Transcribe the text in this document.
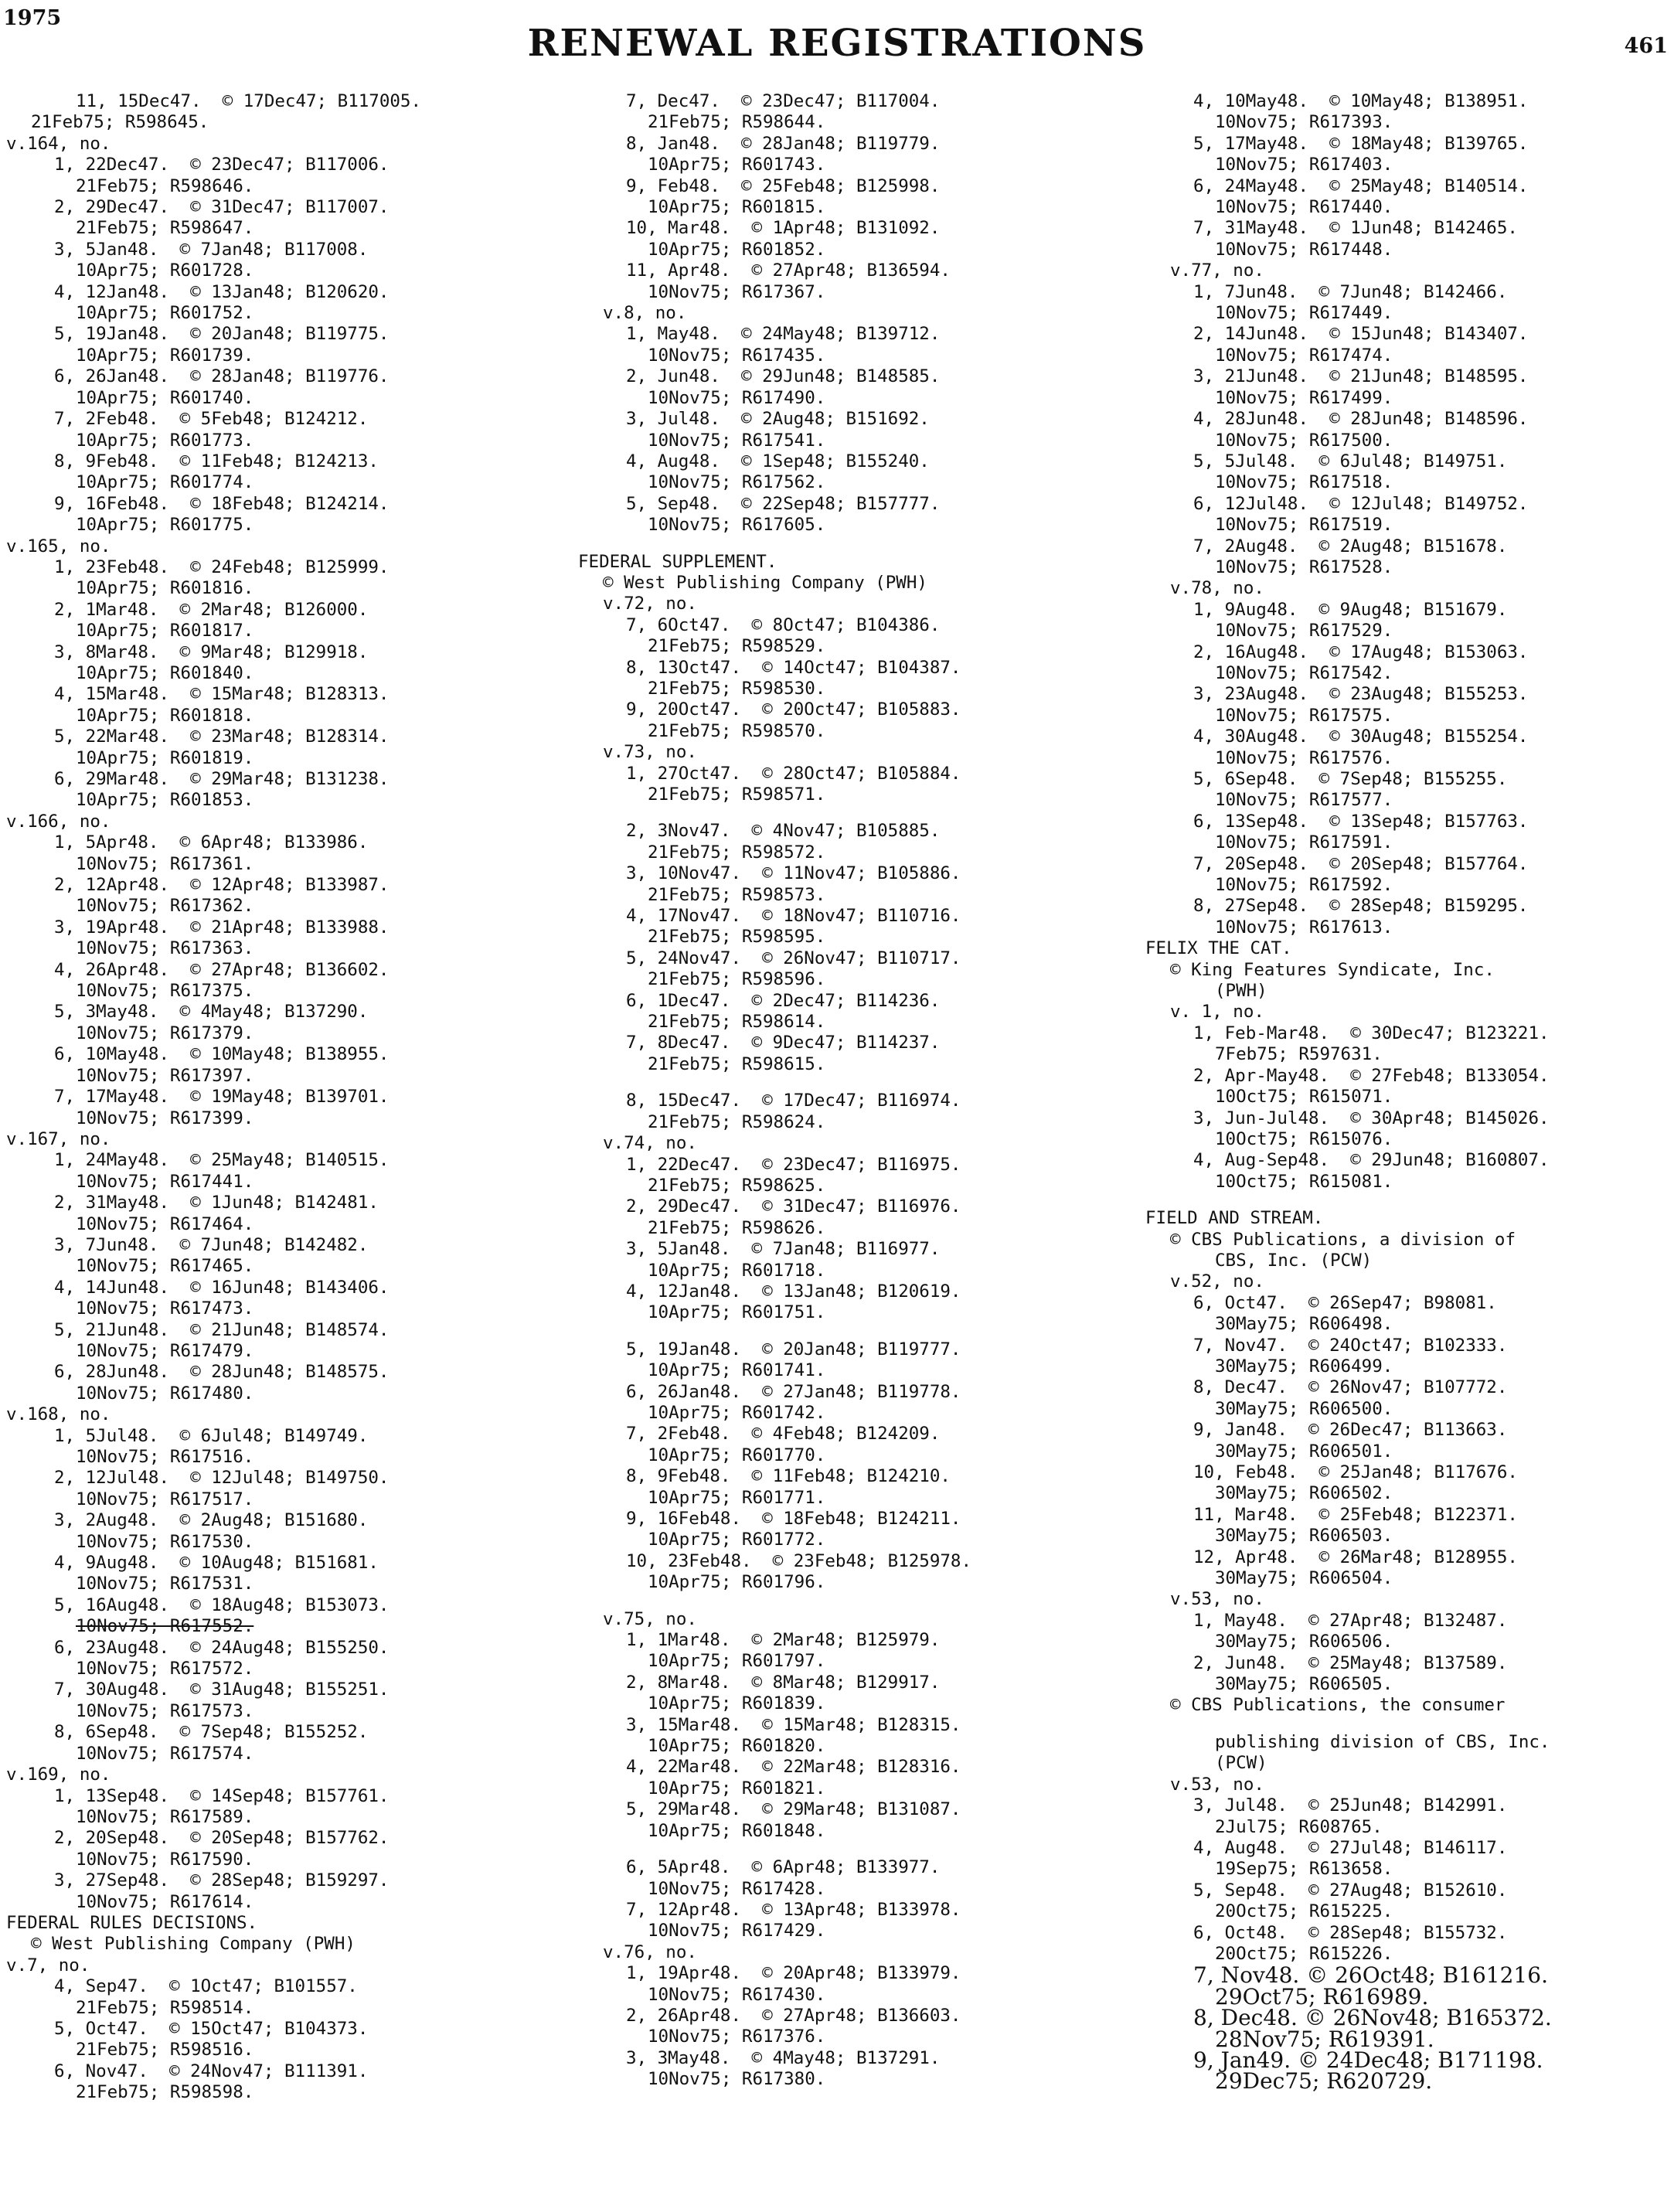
1975
RENEWAL REGISTRATIONS	461
11, 15Dec47.  © 17Dec47; B117005.
21Feb75; R598645.
v.164, no.
1, 22Dec47.  © 23Dec47; B117006.
21Feb75; R598646.
2, 29Dec47.  © 31Dec47; B117007.
21Feb75; R598647.
3, 5Jan48.  © 7Jan48; B117008.
10Apr75; R601728.
4, 12Jan48.  © 13Jan48; B120620.
10Apr75; R601752.
5, 19Jan48.  © 20Jan48; B119775.
10Apr75; R601739.
6, 26Jan48.  © 28Jan48; B119776.
10Apr75; R601740.
7, 2Feb48.  © 5Feb48; B124212.
10Apr75; R601773.
8, 9Feb48.  © 11Feb48; B124213.
10Apr75; R601774.
9, 16Feb48.  © 18Feb48; B124214.
10Apr75; R601775.
v.165, no.
1, 23Feb48.  © 24Feb48; B125999.
10Apr75; R601816.
2, 1Mar48.  © 2Mar48; B126000.
10Apr75; R601817.
3, 8Mar48.  © 9Mar48; B129918.
10Apr75; R601840.
4, 15Mar48.  © 15Mar48; B128313.
10Apr75; R601818.
5, 22Mar48.  © 23Mar48; B128314.
10Apr75; R601819.
6, 29Mar48.  © 29Mar48; B131238.
10Apr75; R601853.
v.166, no.
1, 5Apr48.  © 6Apr48; B133986.
10Nov75; R617361.
2, 12Apr48.  © 12Apr48; B133987.
10Nov75; R617362.
3, 19Apr48.  © 21Apr48; B133988.
10Nov75; R617363.
4, 26Apr48.  © 27Apr48; B136602.
10Nov75; R617375.
5, 3May48.  © 4May48; B137290.
10Nov75; R617379.
6, 10May48.  © 10May48; B138955.
10Nov75; R617397.
7, 17May48.  © 19May48; B139701.
10Nov75; R617399.
v.167, no.
1, 24May48.  © 25May48; B140515.
10Nov75; R617441.
2, 31May48.  © 1Jun48; B142481.
10Nov75; R617464.
3, 7Jun48.  © 7Jun48; B142482.
10Nov75; R617465.
4, 14Jun48.  © 16Jun48; B143406.
10Nov75; R617473.
5, 21Jun48.  © 21Jun48; B148574.
10Nov75; R617479.
6, 28Jun48.  © 28Jun48; B148575.
10Nov75; R617480.
v.168, no.
1, 5Jul48.  © 6Jul48; B149749.
10Nov75; R617516.
2, 12Jul48.  © 12Jul48; B149750.
10Nov75; R617517.
3, 2Aug48.  © 2Aug48; B151680.
10Nov75; R617530.
4, 9Aug48.  © 10Aug48; B151681.
10Nov75; R617531.
5, 16Aug48.  © 18Aug48; B153073.
10Nov75; R617552.
6, 23Aug48.  © 24Aug48; B155250.
10Nov75; R617572.
7, 30Aug48.  © 31Aug48; B155251.
10Nov75; R617573.
8, 6Sep48.  © 7Sep48; B155252.
10Nov75; R617574.
v.169, no.
1, 13Sep48.  © 14Sep48; B157761.
10Nov75; R617589.
2, 20Sep48.  © 20Sep48; B157762.
10Nov75; R617590.
3, 27Sep48.  © 28Sep48; B159297.
10Nov75; R617614.
FEDERAL RULES DECISIONS.
© West Publishing Company (PWH)
v.7, no.
4, Sep47.  © 1Oct47; B101557.
21Feb75; R598514.
5, Oct47.  © 15Oct47; B104373.
21Feb75; R598516.
6, Nov47.  © 24Nov47; B111391.
21Feb75; R598598.
7, Dec47.  © 23Dec47; B117004.
21Feb75; R598644.
8, Jan48.  © 28Jan48; B119779.
10Apr75; R601743.
9, Feb48.  © 25Feb48; B125998.
10Apr75; R601815.
10, Mar48.  © 1Apr48; B131092.
10Apr75; R601852.
11, Apr48.  © 27Apr48; B136594.
10Nov75; R617367.
v.8, no.
1, May48.  © 24May48; B139712.
10Nov75; R617435.
2, Jun48.  © 29Jun48; B148585.
10Nov75; R617490.
3, Jul48.  © 2Aug48; B151692.
10Nov75; R617541.
4, Aug48.  © 1Sep48; B155240.
10Nov75; R617562.
5, Sep48.  © 22Sep48; B157777.
10Nov75; R617605.
FEDERAL SUPPLEMENT.
© West Publishing Company (PWH)
v.72, no.
7, 6Oct47.  © 8Oct47; B104386.
21Feb75; R598529.
8, 13Oct47.  © 14Oct47; B104387.
21Feb75; R598530.
9, 20Oct47.  © 20Oct47; B105883.
21Feb75; R598570.
v.73, no.
1, 27Oct47.  © 28Oct47; B105884.
21Feb75; R598571.
2, 3Nov47.  © 4Nov47; B105885.
21Feb75; R598572.
3, 10Nov47.  © 11Nov47; B105886.
21Feb75; R598573.
4, 17Nov47.  © 18Nov47; B110716.
21Feb75; R598595.
5, 24Nov47.  © 26Nov47; B110717.
21Feb75; R598596.
6, 1Dec47.  © 2Dec47; B114236.
21Feb75; R598614.
7, 8Dec47.  © 9Dec47; B114237.
21Feb75; R598615.
8, 15Dec47.  © 17Dec47; B116974.
21Feb75; R598624.
v.74, no.
1, 22Dec47.  © 23Dec47; B116975.
21Feb75; R598625.
2, 29Dec47.  © 31Dec47; B116976.
21Feb75; R598626.
3, 5Jan48.  © 7Jan48; B116977.
10Apr75; R601718.
4, 12Jan48.  © 13Jan48; B120619.
10Apr75; R601751.
5, 19Jan48.  © 20Jan48; B119777.
10Apr75; R601741.
6, 26Jan48.  © 27Jan48; B119778.
10Apr75; R601742.
7, 2Feb48.  © 4Feb48; B124209.
10Apr75; R601770.
8, 9Feb48.  © 11Feb48; B124210.
10Apr75; R601771.
9, 16Feb48.  © 18Feb48; B124211.
10Apr75; R601772.
10, 23Feb48.  © 23Feb48; B125978.
10Apr75; R601796.
v.75, no.
1, 1Mar48.  © 2Mar48; B125979.
10Apr75; R601797.
2, 8Mar48.  © 8Mar48; B129917.
10Apr75; R601839.
3, 15Mar48.  © 15Mar48; B128315.
10Apr75; R601820.
4, 22Mar48.  © 22Mar48; B128316.
10Apr75; R601821.
5, 29Mar48.  © 29Mar48; B131087.
10Apr75; R601848.
6, 5Apr48.  © 6Apr48; B133977.
10Nov75; R617428.
7, 12Apr48.  © 13Apr48; B133978.
10Nov75; R617429.
v.76, no.
1, 19Apr48.  © 20Apr48; B133979.
10Nov75; R617430.
2, 26Apr48.  © 27Apr48; B136603.
10Nov75; R617376.
3, 3May48.  © 4May48; B137291.
10Nov75; R617380.
4, 10May48.  © 10May48; B138951.
10Nov75; R617393.
5, 17May48.  © 18May48; B139765.
10Nov75; R617403.
6, 24May48.  © 25May48; B140514.
10Nov75; R617440.
7, 31May48.  © 1Jun48; B142465.
10Nov75; R617448.
v.77, no.
1, 7Jun48.  © 7Jun48; B142466.
10Nov75; R617449.
2, 14Jun48.  © 15Jun48; B143407.
10Nov75; R617474.
3, 21Jun48.  © 21Jun48; B148595.
10Nov75; R617499.
4, 28Jun48.  © 28Jun48; B148596.
10Nov75; R617500.
5, 5Jul48.  © 6Jul48; B149751.
10Nov75; R617518.
6, 12Jul48.  © 12Jul48; B149752.
10Nov75; R617519.
7, 2Aug48.  © 2Aug48; B151678.
10Nov75; R617528.
v.78, no.
1, 9Aug48.  © 9Aug48; B151679.
10Nov75; R617529.
2, 16Aug48.  © 17Aug48; B153063.
10Nov75; R617542.
3, 23Aug48.  © 23Aug48; B155253.
10Nov75; R617575.
4, 30Aug48.  © 30Aug48; B155254.
10Nov75; R617576.
5, 6Sep48.  © 7Sep48; B155255.
10Nov75; R617577.
6, 13Sep48.  © 13Sep48; B157763.
10Nov75; R617591.
7, 20Sep48.  © 20Sep48; B157764.
10Nov75; R617592.
8, 27Sep48.  © 28Sep48; B159295.
10Nov75; R617613.
FELIX THE CAT.
© King Features Syndicate, Inc.
(PWH)
v. 1, no.
1, Feb-Mar48.  © 30Dec47; B123221.
7Feb75; R597631.
2, Apr-May48.  © 27Feb48; B133054.
10Oct75; R615071.
3, Jun-Jul48.  © 30Apr48; B145026.
10Oct75; R615076.
4, Aug-Sep48.  © 29Jun48; B160807.
10Oct75; R615081.
FIELD AND STREAM.
© CBS Publications, a division of
CBS, Inc. (PCW)
v.52, no.
6, Oct47.  © 26Sep47; B98081.
30May75; R606498.
7, Nov47.  © 24Oct47; B102333.
30May75; R606499.
8, Dec47.  © 26Nov47; B107772.
30May75; R606500.
9, Jan48.  © 26Dec47; B113663.
30May75; R606501.
10, Feb48.  © 25Jan48; B117676.
30May75; R606502.
11, Mar48.  © 25Feb48; B122371.
30May75; R606503.
12, Apr48.  © 26Mar48; B128955.
30May75; R606504.
v.53, no.
1, May48.  © 27Apr48; B132487.
30May75; R606506.
2, Jun48.  © 25May48; B137589.
30May75; R606505.
© CBS Publications, the consumer
publishing division of CBS, Inc.
(PCW)
v.53, no.
3, Jul48.  © 25Jun48; B142991.
2Jul75; R608765.
4, Aug48.  © 27Jul48; B146117.
19Sep75; R613658.
5, Sep48.  © 27Aug48; B152610.
20Oct75; R615225.
6, Oct48.  © 28Sep48; B155732.
20Oct75; R615226.
7, Nov48. © 26Oct48; B161216.
29Oct75; R616989.
8, Dec48. © 26Nov48; B165372.
28Nov75; R619391.
9, Jan49. © 24Dec48; B171198.
29Dec75; R620729.
